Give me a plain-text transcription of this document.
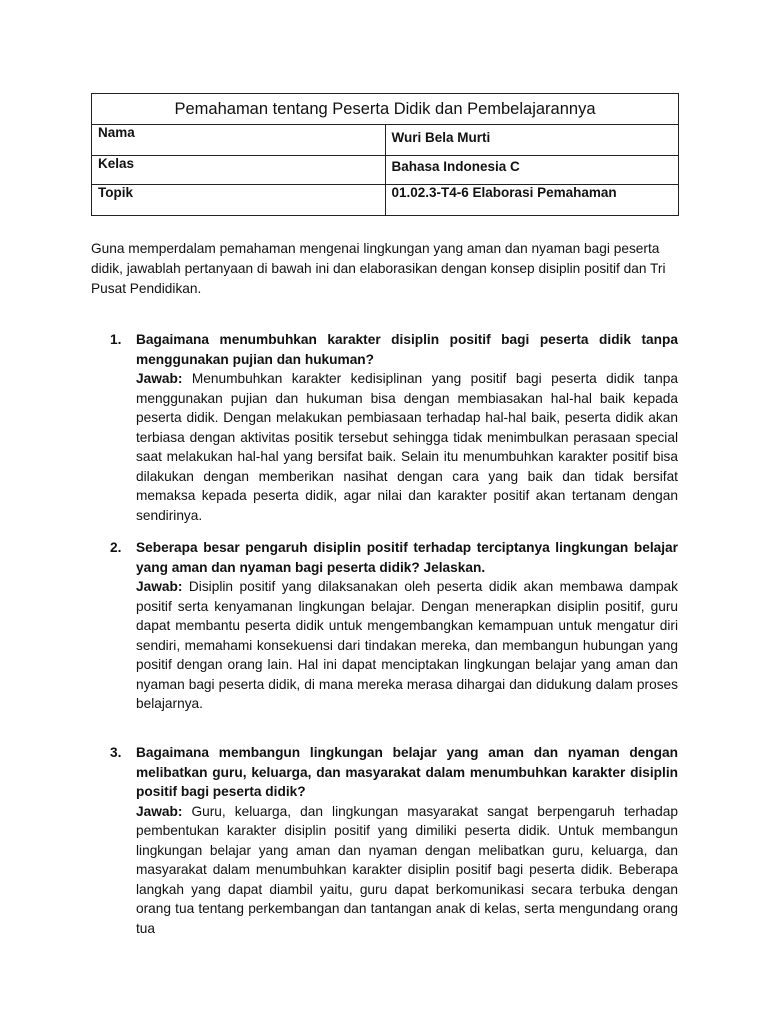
Pemahaman tentang Peserta Didik dan Pembelajarannya	
Nama	Wuri Bela Murti
Kelas	Bahasa Indonesia C
Topik	01.02.3-T4-6 Elaborasi Pemahaman

Guna memperdalam pemahaman mengenai lingkungan yang aman dan nyaman bagi peserta didik, jawablah pertanyaan di bawah ini dan elaborasikan dengan konsep disiplin positif dan Tri Pusat Pendidikan.

1. Bagaimana menumbuhkan karakter disiplin positif bagi peserta didik tanpa menggunakan pujian dan hukuman?

Jawab: Menumbuhkan karakter kedisiplinan yang positif bagi peserta didik tanpa menggunakan pujian dan hukuman bisa dengan membiasakan hal-hal baik kepada peserta didik. Dengan melakukan pembiasaan terhadap hal-hal baik, peserta didik akan terbiasa dengan aktivitas positik tersebut sehingga tidak menimbulkan perasaan special saat melakukan hal-hal yang bersifat baik. Selain itu menumbuhkan karakter positif bisa dilakukan dengan memberikan nasihat dengan cara yang baik dan tidak bersifat memaksa kepada peserta didik, agar nilai dan karakter positif akan tertanam dengan sendirinya.

2. Seberapa besar pengaruh disiplin positif terhadap terciptanya lingkungan belajar yang aman dan nyaman bagi peserta didik? Jelaskan.

Jawab: Disiplin positif yang dilaksanakan oleh peserta didik akan membawa dampak positif serta kenyamanan lingkungan belajar. Dengan menerapkan disiplin positif, guru dapat membantu peserta didik untuk mengembangkan kemampuan untuk mengatur diri sendiri, memahami konsekuensi dari tindakan mereka, dan membangun hubungan yang positif dengan orang lain. Hal ini dapat menciptakan lingkungan belajar yang aman dan nyaman bagi peserta didik, di mana mereka merasa dihargai dan didukung dalam proses belajarnya.

3. Bagaimana membangun lingkungan belajar yang aman dan nyaman dengan melibatkan guru, keluarga, dan masyarakat dalam menumbuhkan karakter disiplin positif bagi peserta didik?

Jawab: Guru, keluarga, dan lingkungan masyarakat sangat berpengaruh terhadap pembentukan karakter disiplin positif yang dimiliki peserta didik. Untuk membangun lingkungan belajar yang aman dan nyaman dengan melibatkan guru, keluarga, dan masyarakat dalam menumbuhkan karakter disiplin positif bagi peserta didik. Beberapa langkah yang dapat diambil yaitu, guru dapat berkomunikasi secara terbuka dengan orang tua tentang perkembangan dan tantangan anak di kelas, serta mengundang orang tua
